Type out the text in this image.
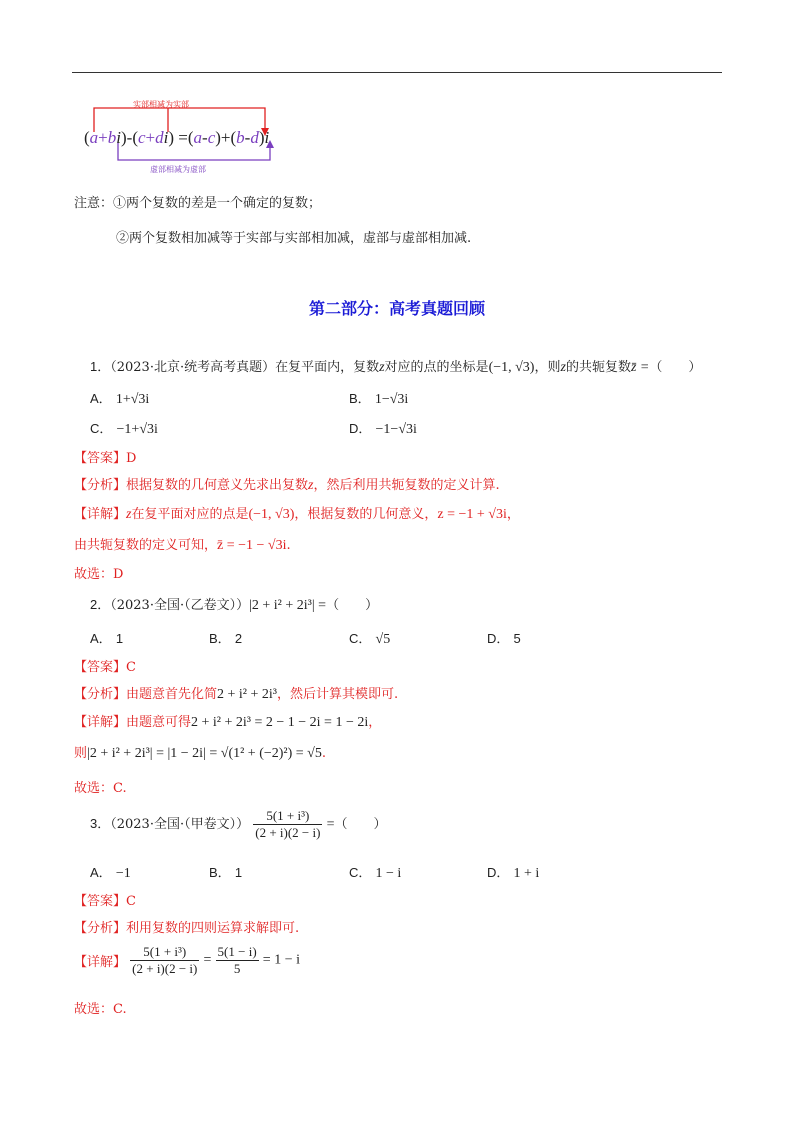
实部相减为实部
虚部相减为虚部
(a+bi)-(c+di) =(a-c)+(b-d)i
注意：①两个复数的差是一个确定的复数；
②两个复数相加减等于实部与实部相加减，虚部与虚部相加减.
第二部分：高考真题回顾
1．（2023·北京·统考高考真题）在复平面内，复数z对应的点的坐标是(−1, √3)，则z的共轭复数z̄ =（　　）
A． 1+√3i	B． 1−√3i
C． −1+√3i	D． −1−√3i
【答案】D
【分析】根据复数的几何意义先求出复数z，然后利用共轭复数的定义计算.
【详解】z在复平面对应的点是(−1, √3)，根据复数的几何意义，z = −1 + √3i，
由共轭复数的定义可知，z̄ = −1 − √3i.
故选：D
2．（2023·全国·（乙卷文））|2 + i² + 2i³| =（　　）
A． 1	B． 2	C． √5	D． 5
【答案】C
【分析】由题意首先化简2 + i² + 2i³，然后计算其模即可.
【详解】由题意可得2 + i² + 2i³ = 2 − 1 − 2i = 1 − 2i，
则|2 + i² + 2i³| = |1 − 2i| = √(1² + (−2)²) = √5.
故选：C.
3．（2023·全国·（甲卷文）） $\frac{\text{5(1 + i³)}}{(2 + i)(2 - i)}$ =（　　）
A． −1	B． 1	C． 1 − i	D． 1 + i
【答案】C
【分析】利用复数的四则运算求解即可.
【详解】 $\frac{\text{5(1 + i³)}}{(2 + i)(2 - i)} = \frac{5(1 - i)}{5} = 1 - i$
故选：C.
